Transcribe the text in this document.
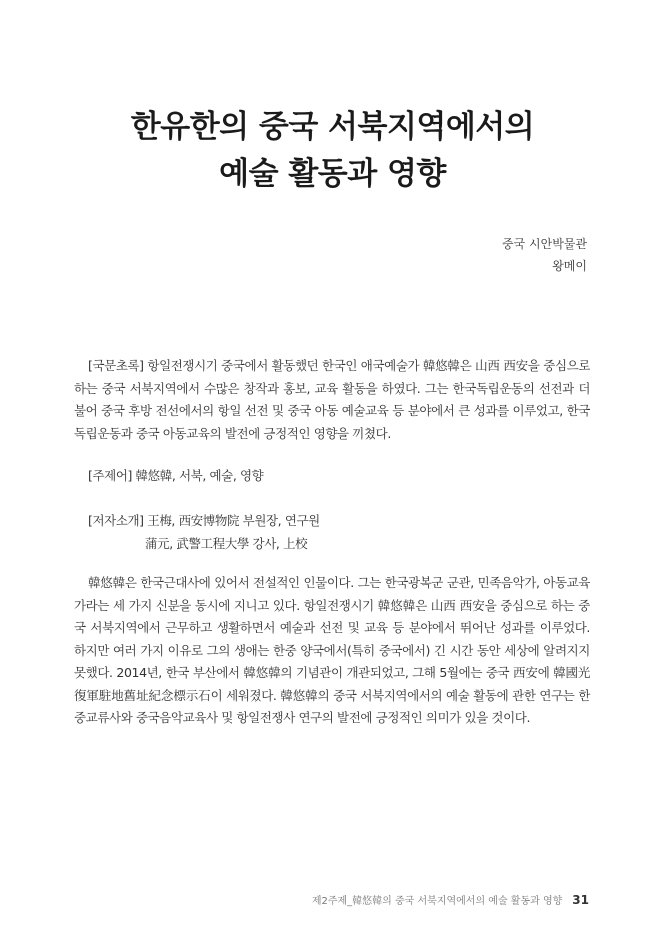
한유한의 중국 서북지역에서의
예술 활동과 영향
중국 시안박물관
왕메이

[국문초록] 항일전쟁시기 중국에서 활동했던 한국인 애국예술가 韓悠韓은 山西 西安을 중심으로 하는 중국 서북지역에서 수많은 창작과 홍보, 교육 활동을 하였다. 그는 한국독립운동의 선전과 더불어 중국 후방 전선에서의 항일 선전 및 중국 아동 예술교육 등 분야에서 큰 성과를 이루었고, 한국독립운동과 중국 아동교육의 발전에 긍정적인 영향을 끼쳤다.

[주제어] 韓悠韓, 서북, 예술, 영향

[저자소개] 王梅, 西安博物院 부원장, 연구원

蒲元, 武警工程大學 강사, 上校

韓悠韓은 한국근대사에 있어서 전설적인 인물이다. 그는 한국광복군 군관, 민족음악가, 아동교육가라는 세 가지 신분을 동시에 지니고 있다. 항일전쟁시기 韓悠韓은 山西 西安을 중심으로 하는 중국 서북지역에서 근무하고 생활하면서 예술과 선전 및 교육 등 분야에서 뛰어난 성과를 이루었다. 하지만 여러 가지 이유로 그의 생애는 한중 양국에서(특히 중국에서) 긴 시간 동안 세상에 알려지지 못했다. 2014년, 한국 부산에서 韓悠韓의 기념관이 개관되었고, 그해 5월에는 중국 西安에 韓國光復軍駐地舊址紀念標示石이 세워졌다. 韓悠韓의 중국 서북지역에서의 예술 활동에 관한 연구는 한중교류사와 중국음악교육사 및 항일전쟁사 연구의 발전에 긍정적인 의미가 있을 것이다.

제2주제_韓悠韓의 중국 서북지역에서의 예술 활동과 영향 31
